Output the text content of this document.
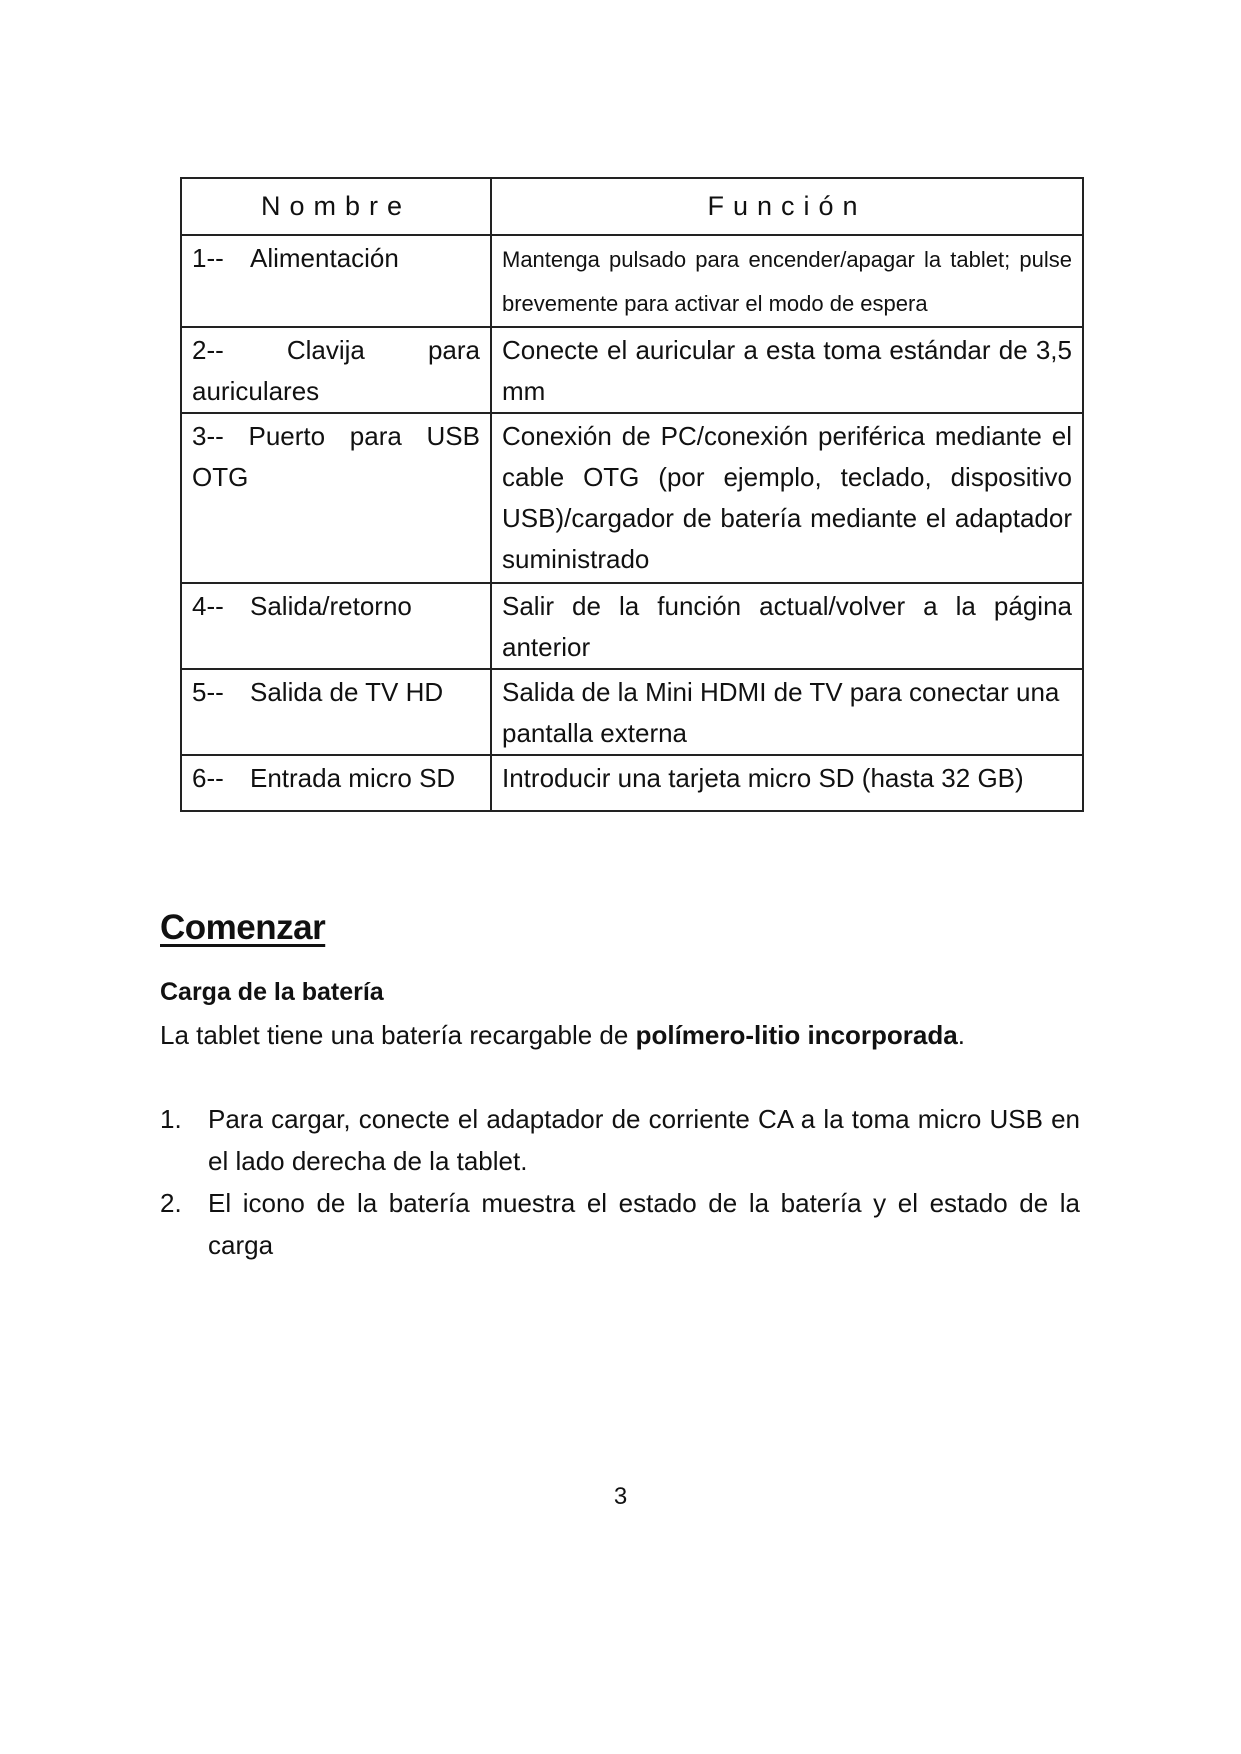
Nombre	Función
1-- Alimentación	Mantenga pulsado para encender/apagar la tablet; pulse brevemente para activar el modo de espera
2-- Clavija para auriculares	Conecte el auricular a esta toma estándar de 3,5 mm
3-- Puerto para USB OTG	Conexión de PC/conexión periférica mediante el cable OTG (por ejemplo, teclado, dispositivo USB)/cargador de batería mediante el adaptador suministrado
4-- Salida/retorno	Salir de la función actual/volver a la página anterior
5-- Salida de TV HD	Salida de la Mini HDMI de TV para conectar una pantalla externa
6-- Entrada micro SD	Introducir una tarjeta micro SD (hasta 32 GB)
Comenzar
Carga de la batería
La tablet tiene una batería recargable de polímero-litio incorporada.
1. Para cargar, conecte el adaptador de corriente CA a la toma micro USB en el lado derecha de la tablet.
2. El icono de la batería muestra el estado de la batería y el estado de la carga
3
